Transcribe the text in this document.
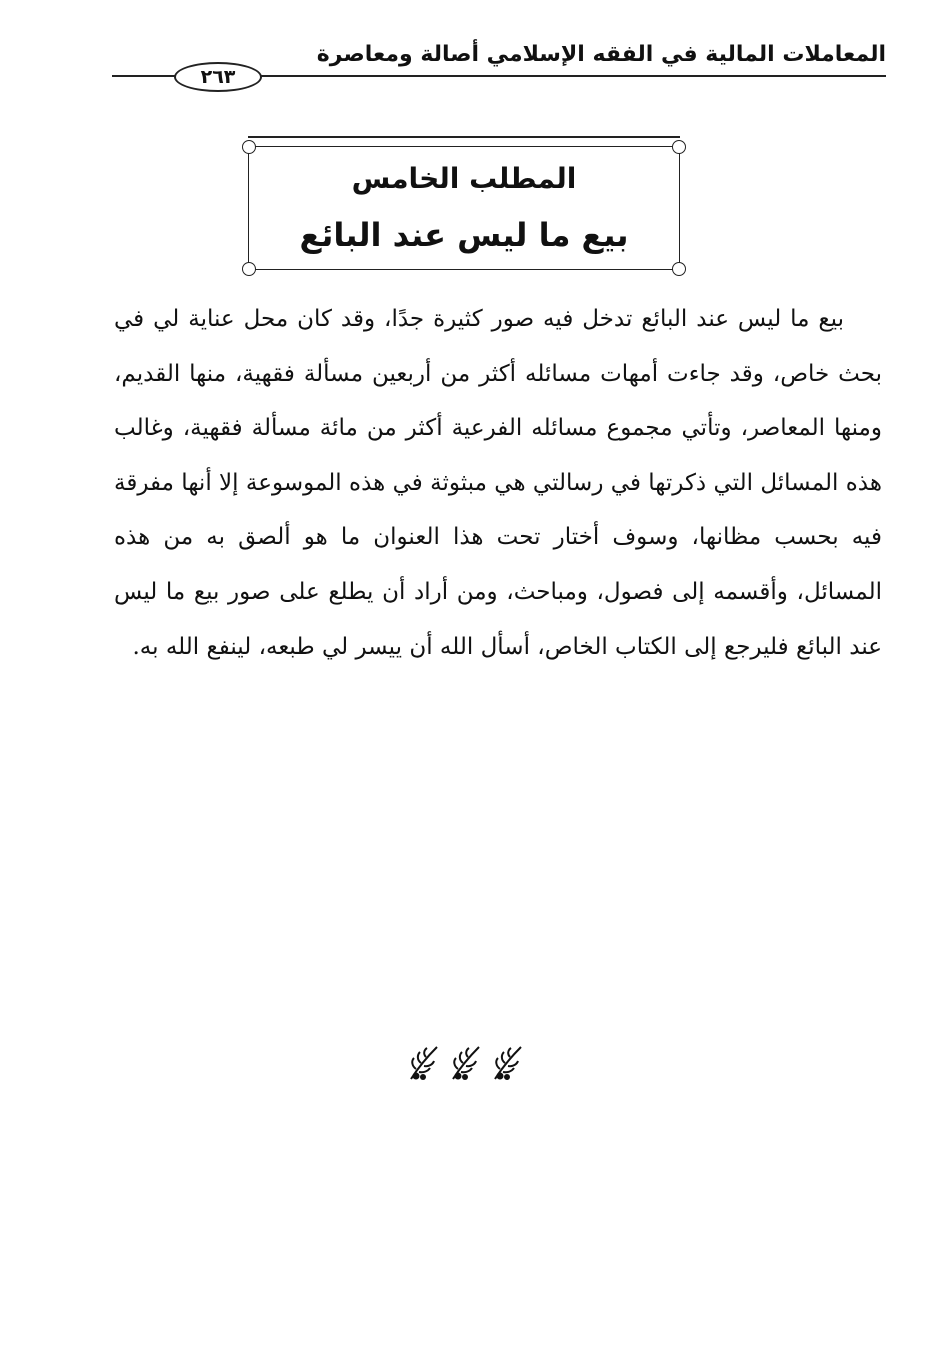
المعاملات المالية في الفقه الإسلامي أصالة ومعاصرة
٢٦٣
المطلب الخامس
بيع ما ليس عند البائع

بيع ما ليس عند البائع تدخل فيه صور كثيرة جدًا، وقد كان محل عناية لي في بحث خاص، وقد جاءت أمهات مسائله أكثر من أربعين مسألة فقهية، منها القديم، ومنها المعاصر، وتأتي مجموع مسائله الفرعية أكثر من مائة مسألة فقهية، وغالب هذه المسائل التي ذكرتها في رسالتي هي مبثوثة في هذه الموسوعة إلا أنها مفرقة فيه بحسب مظانها، وسوف أختار تحت هذا العنوان ما هو ألصق به من هذه المسائل، وأقسمه إلى فصول، ومباحث، ومن أراد أن يطلع على صور بيع ما ليس عند البائع فليرجع إلى الكتاب الخاص، أسأل الله أن ييسر لي طبعه، لينفع الله به.
